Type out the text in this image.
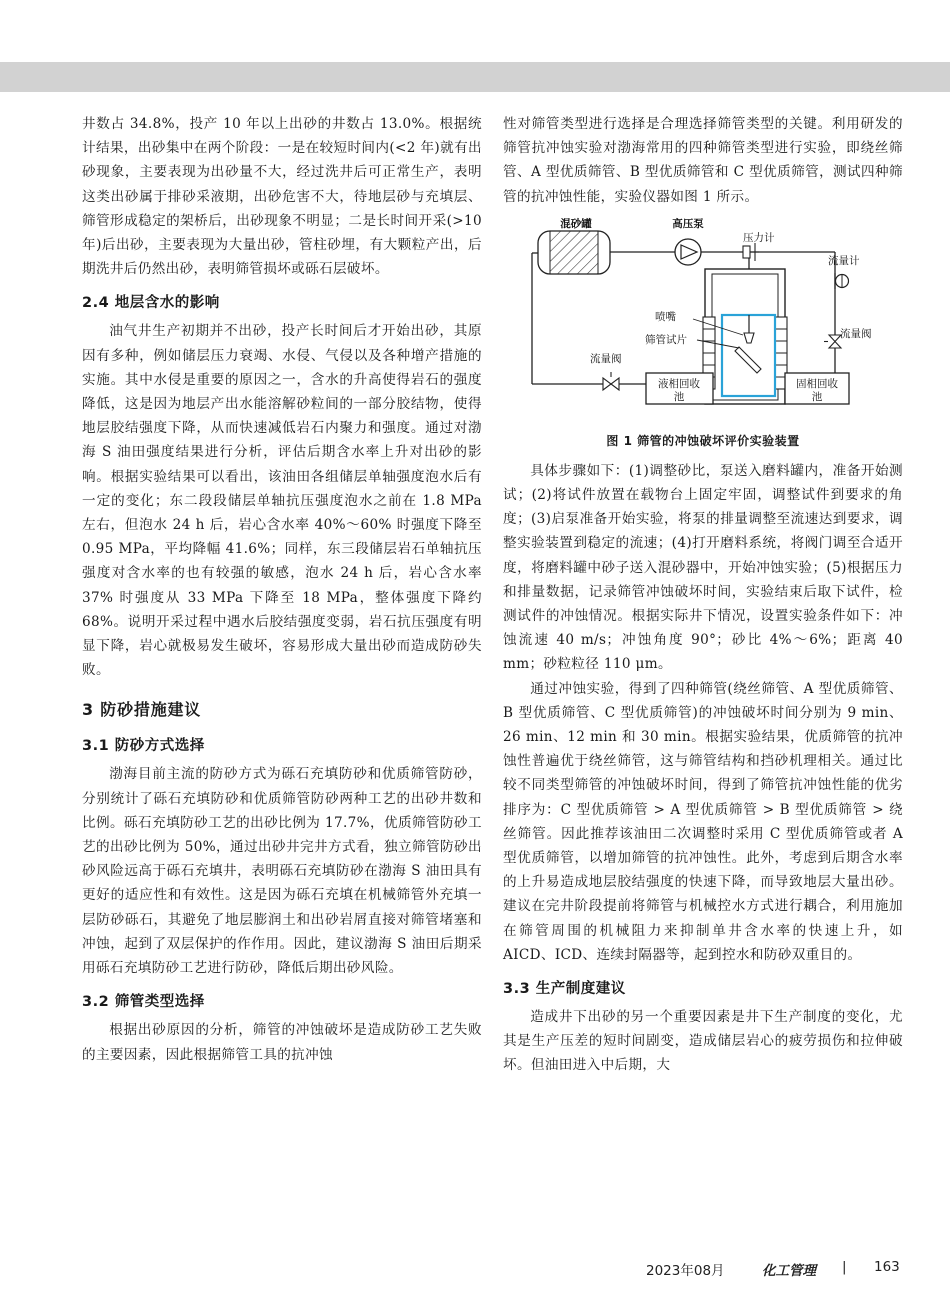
井数占 34.8%，投产 10 年以上出砂的井数占 13.0%。根据统计结果，出砂集中在两个阶段：一是在较短时间内(<2 年)就有出砂现象，主要表现为出砂量不大，经过洗井后可正常生产，表明这类出砂属于排砂采液期，出砂危害不大，待地层砂与充填层、筛管形成稳定的架桥后，出砂现象不明显；二是长时间开采(>10 年)后出砂，主要表现为大量出砂，管柱砂埋，有大颗粒产出，后期洗井后仍然出砂，表明筛管损坏或砾石层破坏。

2.4 地层含水的影响

油气井生产初期并不出砂，投产长时间后才开始出砂，其原因有多种，例如储层压力衰竭、水侵、气侵以及各种增产措施的实施。其中水侵是重要的原因之一，含水的升高使得岩石的强度降低，这是因为地层产出水能溶解砂粒间的一部分胶结物，使得地层胶结强度下降，从而快速减低岩石内聚力和强度。通过对渤海 S 油田强度结果进行分析，评估后期含水率上升对出砂的影响。根据实验结果可以看出，该油田各组储层单轴强度泡水后有一定的变化；东二段段储层单轴抗压强度泡水之前在 1.8 MPa 左右，但泡水 24 h 后，岩心含水率 40%～60% 时强度下降至 0.95 MPa，平均降幅 41.6%；同样，东三段储层岩石单轴抗压强度对含水率的也有较强的敏感，泡水 24 h 后，岩心含水率 37% 时强度从 33 MPa 下降至 18 MPa，整体强度下降约 68%。说明开采过程中遇水后胶结强度变弱，岩石抗压强度有明显下降，岩心就极易发生破坏，容易形成大量出砂而造成防砂失败。

3 防砂措施建议
3.1 防砂方式选择

渤海目前主流的防砂方式为砾石充填防砂和优质筛管防砂，分别统计了砾石充填防砂和优质筛管防砂两种工艺的出砂井数和比例。砾石充填防砂工艺的出砂比例为 17.7%，优质筛管防砂工艺的出砂比例为 50%，通过出砂井完井方式看，独立筛管防砂出砂风险远高于砾石充填井，表明砾石充填防砂在渤海 S 油田具有更好的适应性和有效性。这是因为砾石充填在机械筛管外充填一层防砂砾石，其避免了地层膨润土和出砂岩屑直接对筛管堵塞和冲蚀，起到了双层保护的作作用。因此，建议渤海 S 油田后期采用砾石充填防砂工艺进行防砂，降低后期出砂风险。

3.2 筛管类型选择

根据出砂原因的分析，筛管的冲蚀破坏是造成防砂工艺失败的主要因素，因此根据筛管工具的抗冲蚀

性对筛管类型进行选择是合理选择筛管类型的关键。利用研发的筛管抗冲蚀实验对渤海常用的四种筛管类型进行实验，即绕丝筛管、A 型优质筛管、B 型优质筛管和 C 型优质筛管，测试四种筛管的抗冲蚀性能，实验仪器如图 1 所示。

混砂罐	高压泵
压力计
流量计
喷嘴
筛管试片
流量阀
流量阀
液相回收
池
固相回收
池
图 1 筛管的冲蚀破坏评价实验装置

具体步骤如下：(1)调整砂比，泵送入磨料罐内，准备开始测试；(2)将试件放置在载物台上固定牢固，调整试件到要求的角度；(3)启泵准备开始实验，将泵的排量调整至流速达到要求，调整实验装置到稳定的流速；(4)打开磨料系统，将阀门调至合适开度，将磨料罐中砂子送入混砂器中，开始冲蚀实验；(5)根据压力和排量数据，记录筛管冲蚀破坏时间，实验结束后取下试件，检测试件的冲蚀情况。根据实际井下情况，设置实验条件如下：冲蚀流速 40 m/s；冲蚀角度 90°；砂比 4%～6%；距离 40 mm；砂粒粒径 110 μm。

通过冲蚀实验，得到了四种筛管(绕丝筛管、A 型优质筛管、B 型优质筛管、C 型优质筛管)的冲蚀破坏时间分别为 9 min、26 min、12 min 和 30 min。根据实验结果，优质筛管的抗冲蚀性普遍优于绕丝筛管，这与筛管结构和挡砂机理相关。通过比较不同类型筛管的冲蚀破坏时间，得到了筛管抗冲蚀性能的优劣排序为：C 型优质筛管 > A 型优质筛管 > B 型优质筛管 > 绕丝筛管。因此推荐该油田二次调整时采用 C 型优质筛管或者 A 型优质筛管，以增加筛管的抗冲蚀性。此外，考虑到后期含水率的上升易造成地层胶结强度的快速下降，而导致地层大量出砂。建议在完井阶段提前将筛管与机械控水方式进行耦合，利用施加在筛管周围的机械阻力来抑制单井含水率的快速上升，如 AICD、ICD、连续封隔器等，起到控水和防砂双重目的。

3.3 生产制度建议

造成井下出砂的另一个重要因素是井下生产制度的变化，尤其是生产压差的短时间剧变，造成储层岩心的疲劳损伤和拉伸破坏。但油田进入中后期，大

2023年08月	化工管理 | 163
